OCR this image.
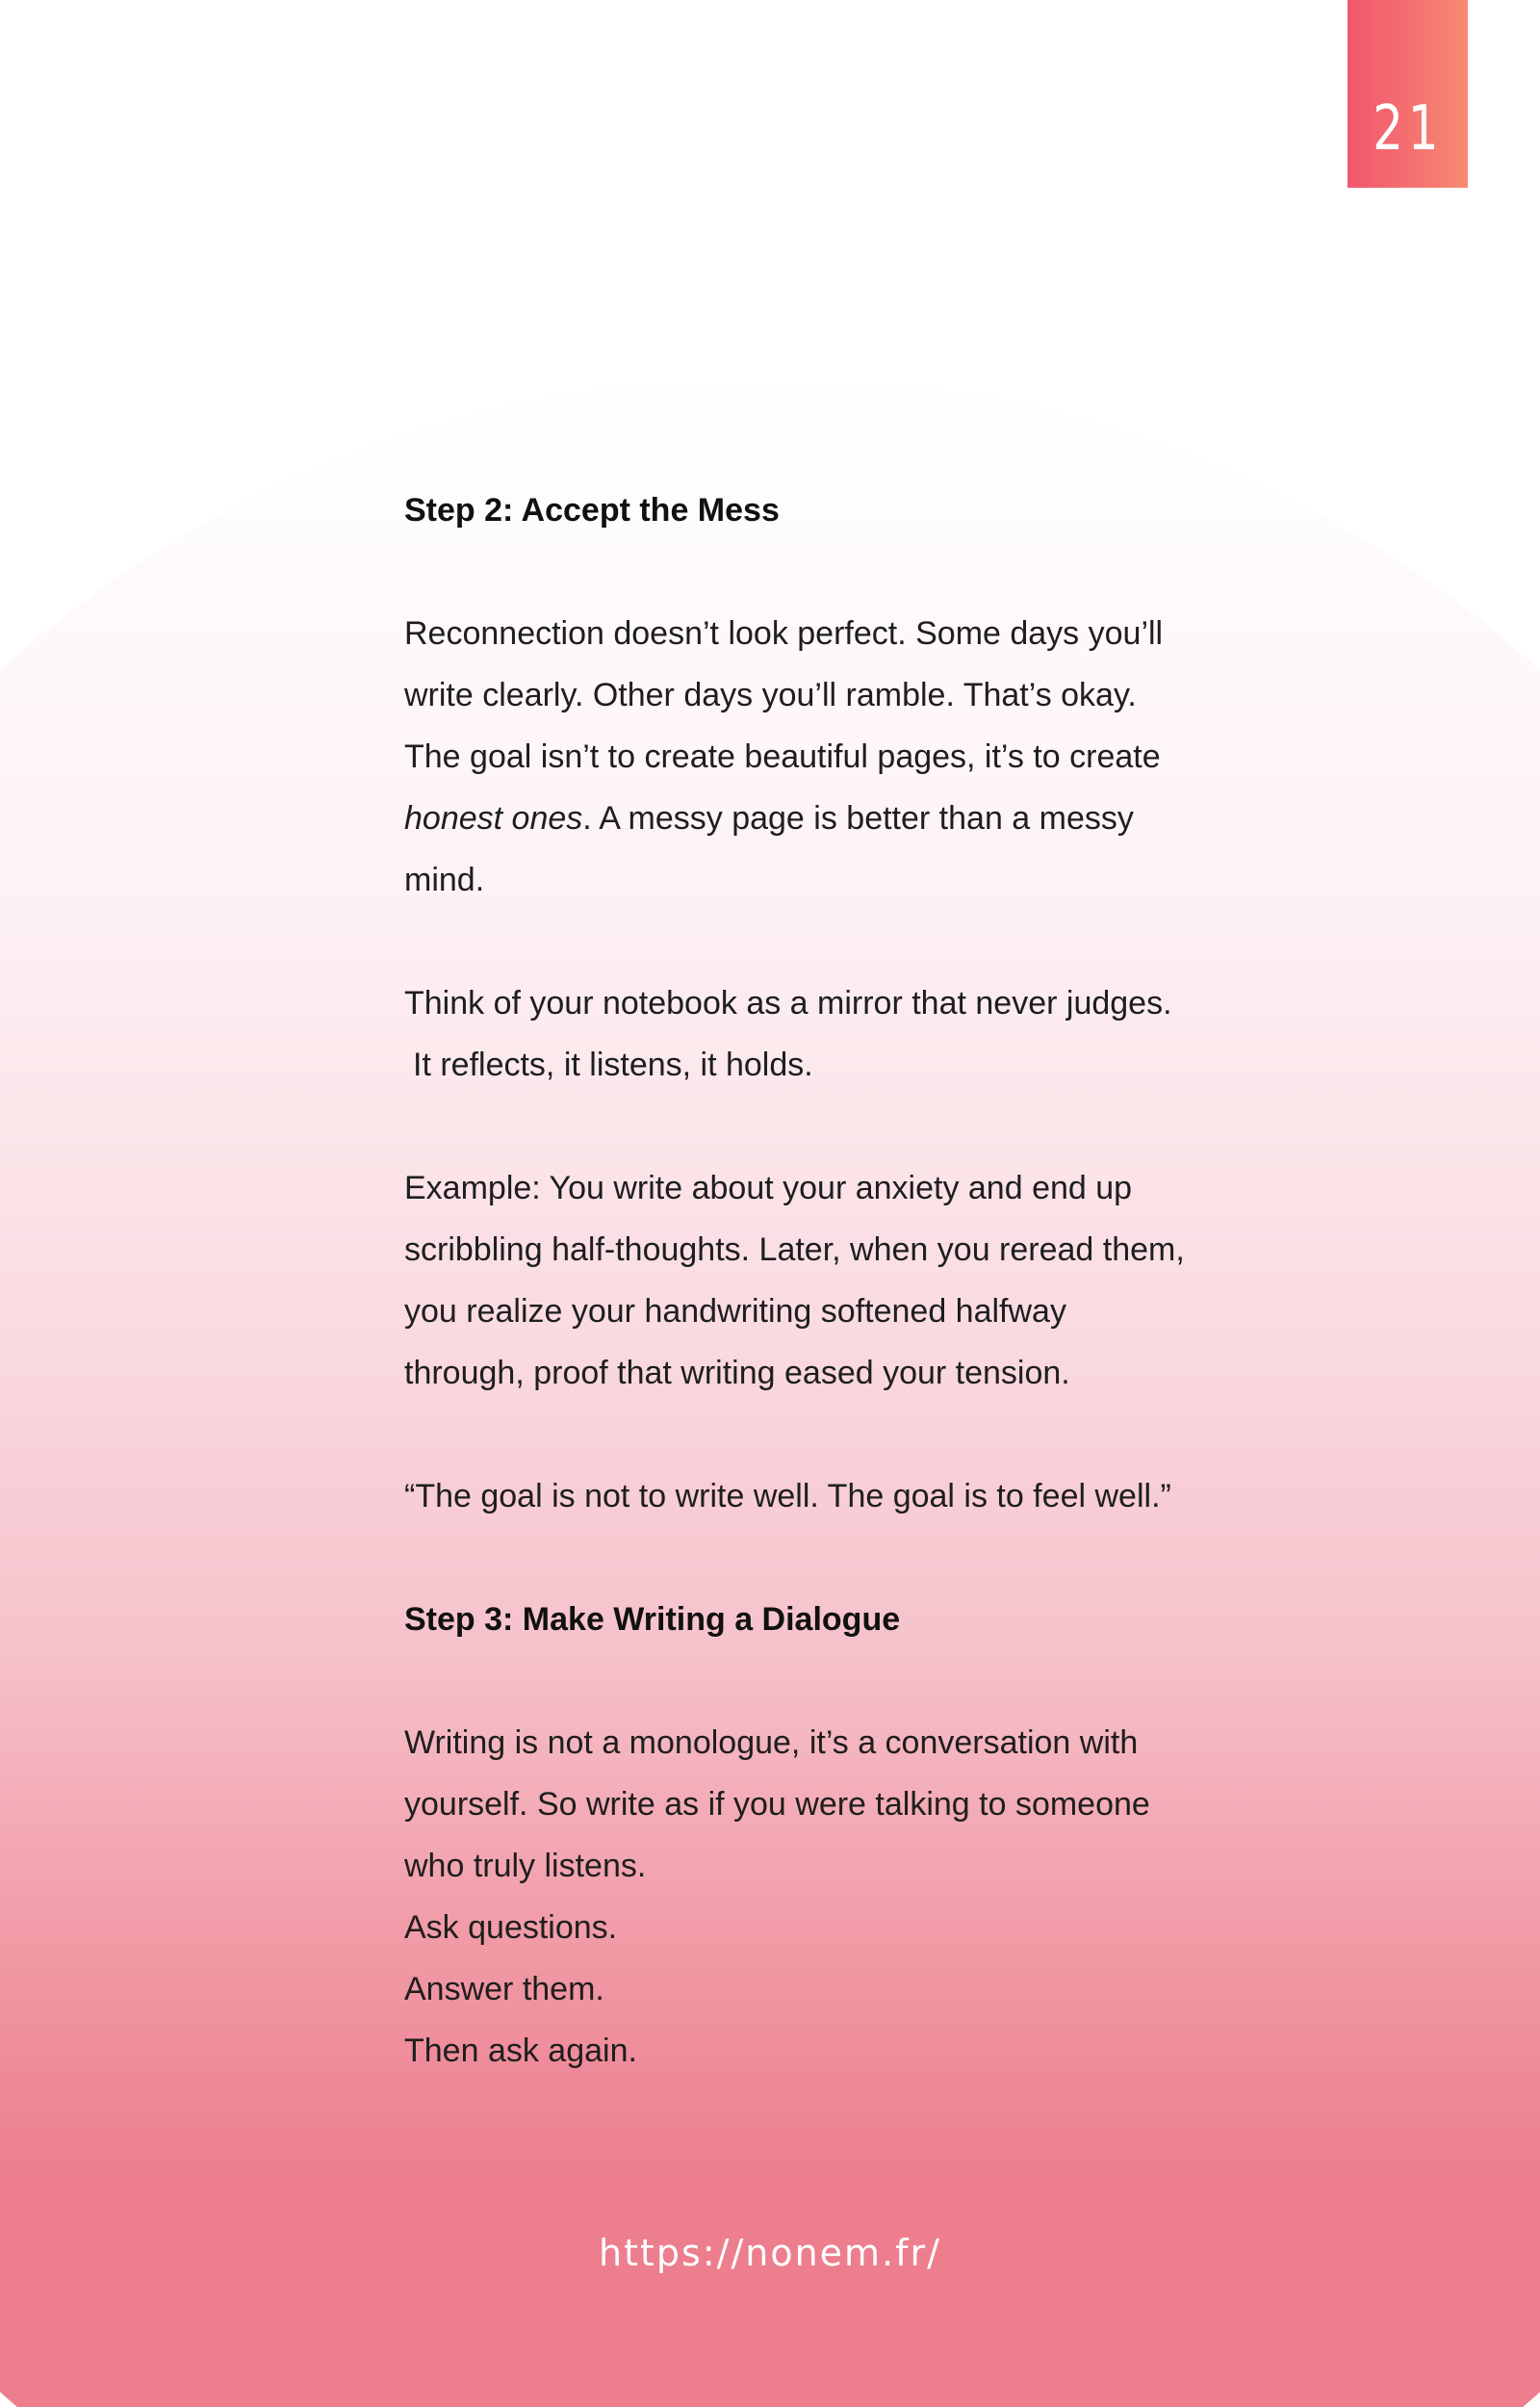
21

Step 2: Accept the Mess

Reconnection doesn’t look perfect. Some days you’ll

write clearly. Other days you’ll ramble. That’s okay.

The goal isn’t to create beautiful pages, it’s to create

honest ones. A messy page is better than a messy

mind.

Think of your notebook as a mirror that never judges.

It reflects, it listens, it holds.

Example: You write about your anxiety and end up

scribbling half-thoughts. Later, when you reread them,

you realize your handwriting softened halfway

through, proof that writing eased your tension.

“The goal is not to write well. The goal is to feel well.”

Step 3: Make Writing a Dialogue

Writing is not a monologue, it’s a conversation with

yourself. So write as if you were talking to someone

who truly listens.

Ask questions.

Answer them.

Then ask again.

https://nonem.fr/
